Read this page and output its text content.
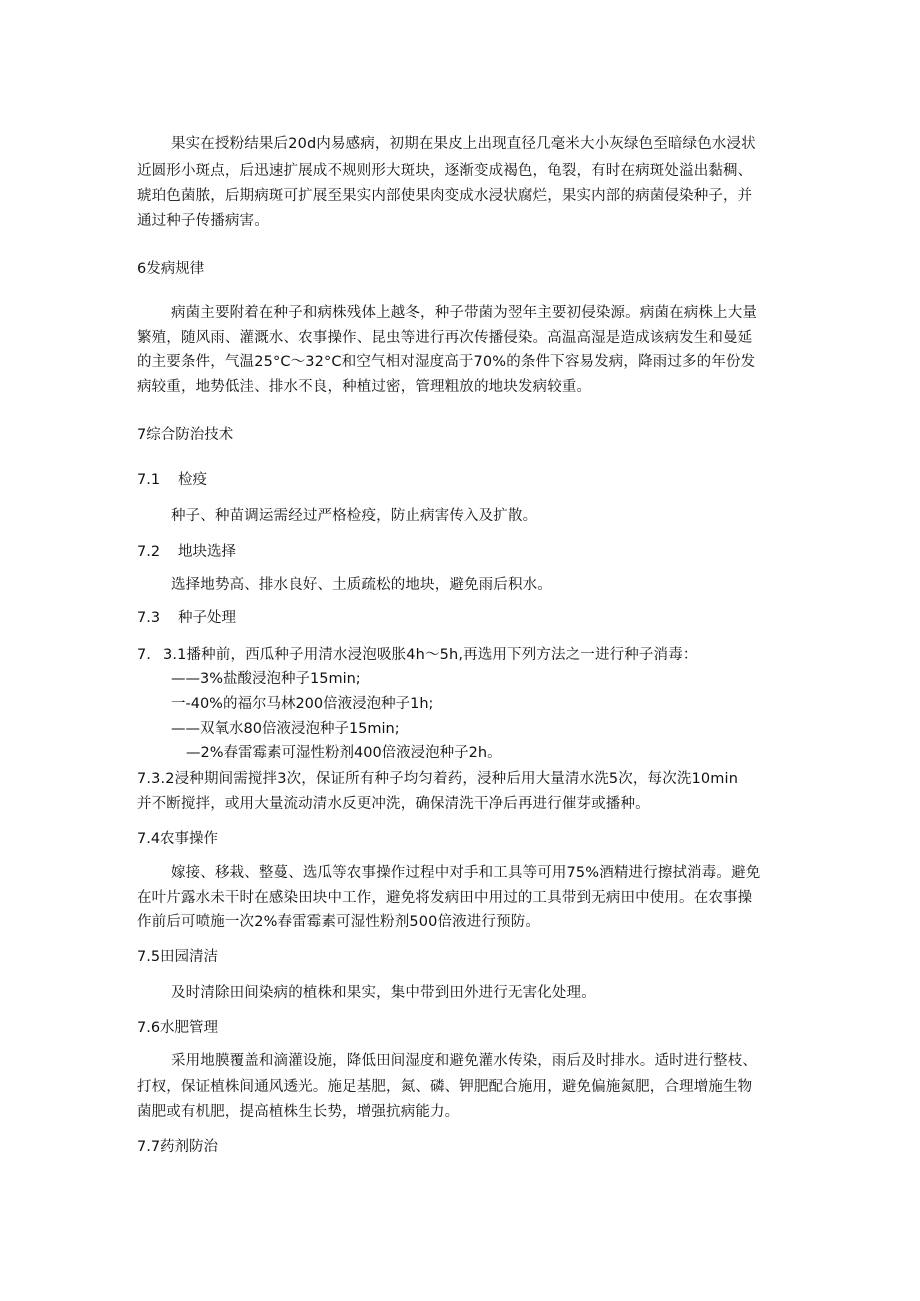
果实在授粉结果后20d内易感病，初期在果皮上出现直径几毫米大小灰绿色至暗绿色水浸状
近圆形小斑点，后迅速扩展成不规则形大斑块，逐渐变成褐色，龟裂，有时在病斑处溢出黏稠、
琥珀色菌脓，后期病斑可扩展至果实内部使果肉变成水浸状腐烂，果实内部的病菌侵染种子，并
通过种子传播病害。
6发病规律
病菌主要附着在种子和病株残体上越冬，种子带菌为翌年主要初侵染源。病菌在病株上大量
繁殖，随风雨、灌溉水、农事操作、昆虫等进行再次传播侵染。高温高湿是造成该病发生和曼延
的主要条件，气温25°C～32°C和空气相对湿度高于70%的条件下容易发病，降雨过多的年份发
病较重，地势低洼、排水不良，种植过密，管理粗放的地块发病较重。
7综合防治技术
7.1 检疫
种子、种苗调运需经过严格检疫，防止病害传入及扩散。
7.2 地块选择
选择地势高、排水良好、土质疏松的地块，避免雨后积水。
7.3 种子处理
7. 3.1播种前，西瓜种子用清水浸泡吸胀4h～5h,再选用下列方法之一进行种子消毒：
——3%盐酸浸泡种子15min;
一-40%的福尔马林200倍液浸泡种子1h;
——双氧水80倍液浸泡种子15min;
—2%春雷霉素可湿性粉剂400倍液浸泡种子2h。
7.3.2浸种期间需搅拌3次，保证所有种子均匀着药，浸种后用大量清水洗5次，每次洗10min
并不断搅拌，或用大量流动清水反更冲洗，确保清洗干净后再进行催芽或播种。
7.4农事操作
嫁接、移栽、整蔓、选瓜等农事操作过程中对手和工具等可用75%酒精进行擦拭消毒。避免
在叶片露水未干时在感染田块中工作，避免将发病田中用过的工具带到无病田中使用。在农事操
作前后可喷施一次2%春雷霉素可湿性粉剂500倍液进行预防。
7.5田园清洁
及时清除田间染病的植株和果实，集中带到田外进行无害化处理。
7.6水肥管理
采用地膜覆盖和滴灌设施，降低田间湿度和避免灌水传染，雨后及时排水。适时进行整枝、
打杈，保证植株间通风透光。施足基肥，氮、磷、钾肥配合施用，避免偏施氮肥，合理增施生物
菌肥或有机肥，提高植株生长势，增强抗病能力。
7.7药剂防治
